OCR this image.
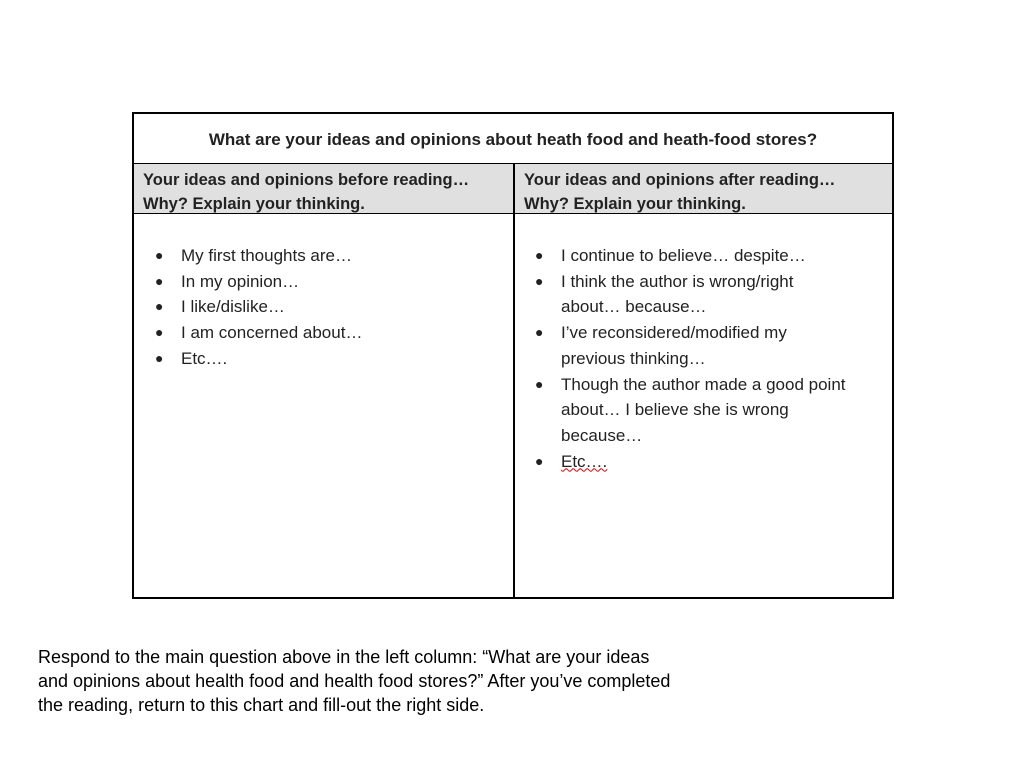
What are your ideas and opinions about heath food and heath-food stores?
Your ideas and opinions before reading…
Why? Explain your thinking.
Your ideas and opinions after reading…
Why? Explain your thinking.
● My first thoughts are…
● In my opinion…
● I like/dislike…
● I am concerned about…
● Etc….
● I continue to believe… despite…
● I think the author is wrong/right
about… because…
● I’ve reconsidered/modified my
previous thinking…
● Though the author made a good point
about… I believe she is wrong
because…
● Etc….
Respond to the main question above in the left column: “What are your ideas and opinions about health food and health food stores?” After you’ve completed the reading, return to this chart and fill-out the right side.
